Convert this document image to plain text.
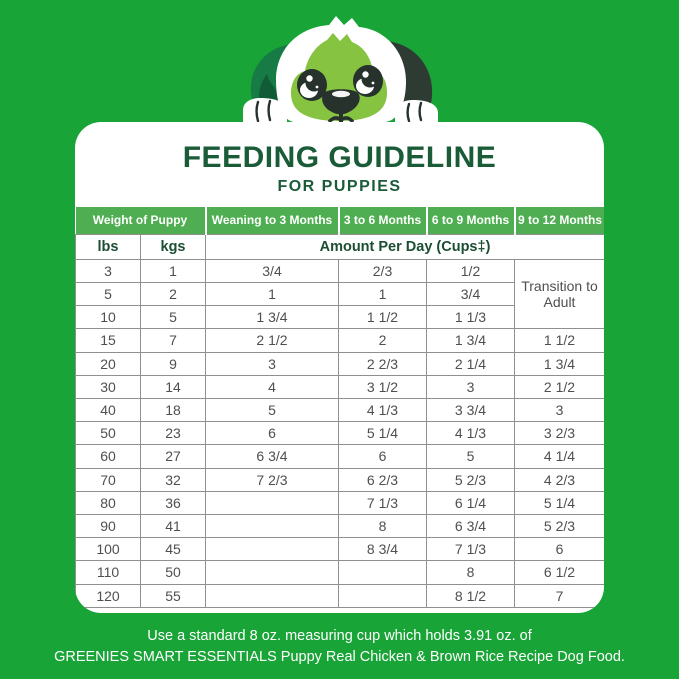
FEEDING GUIDELINE
FOR PUPPIES
Weight of Puppy		Weaning to 3 Months	3 to 6 Months	6 to 9 Months	9 to 12 Months
lbs	kgs	Amount Per Day (Cups‡)			
3	1	3/4	2/3	1/2	Transition to Adult
5	2	1	1	3/4	
10	5	1 3/4	1 1/2	1 1/3	
15	7	2 1/2	2	1 3/4	1 1/2
20	9	3	2 2/3	2 1/4	1 3/4
30	14	4	3 1/2	3	2 1/2
40	18	5	4 1/3	3 3/4	3
50	23	6	5 1/4	4 1/3	3 2/3
60	27	6 3/4	6	5	4 1/4
70	32	7 2/3	6 2/3	5 2/3	4 2/3
80	36		7 1/3	6 1/4	5 1/4
90	41		8	6 3/4	5 2/3
100	45		8 3/4	7 1/3	6
110	50			8	6 1/2
120	55			8 1/2	7
Use a standard 8 oz. measuring cup which holds 3.91 oz. of
GREENIES SMART ESSENTIALS Puppy Real Chicken & Brown Rice Recipe Dog Food.
